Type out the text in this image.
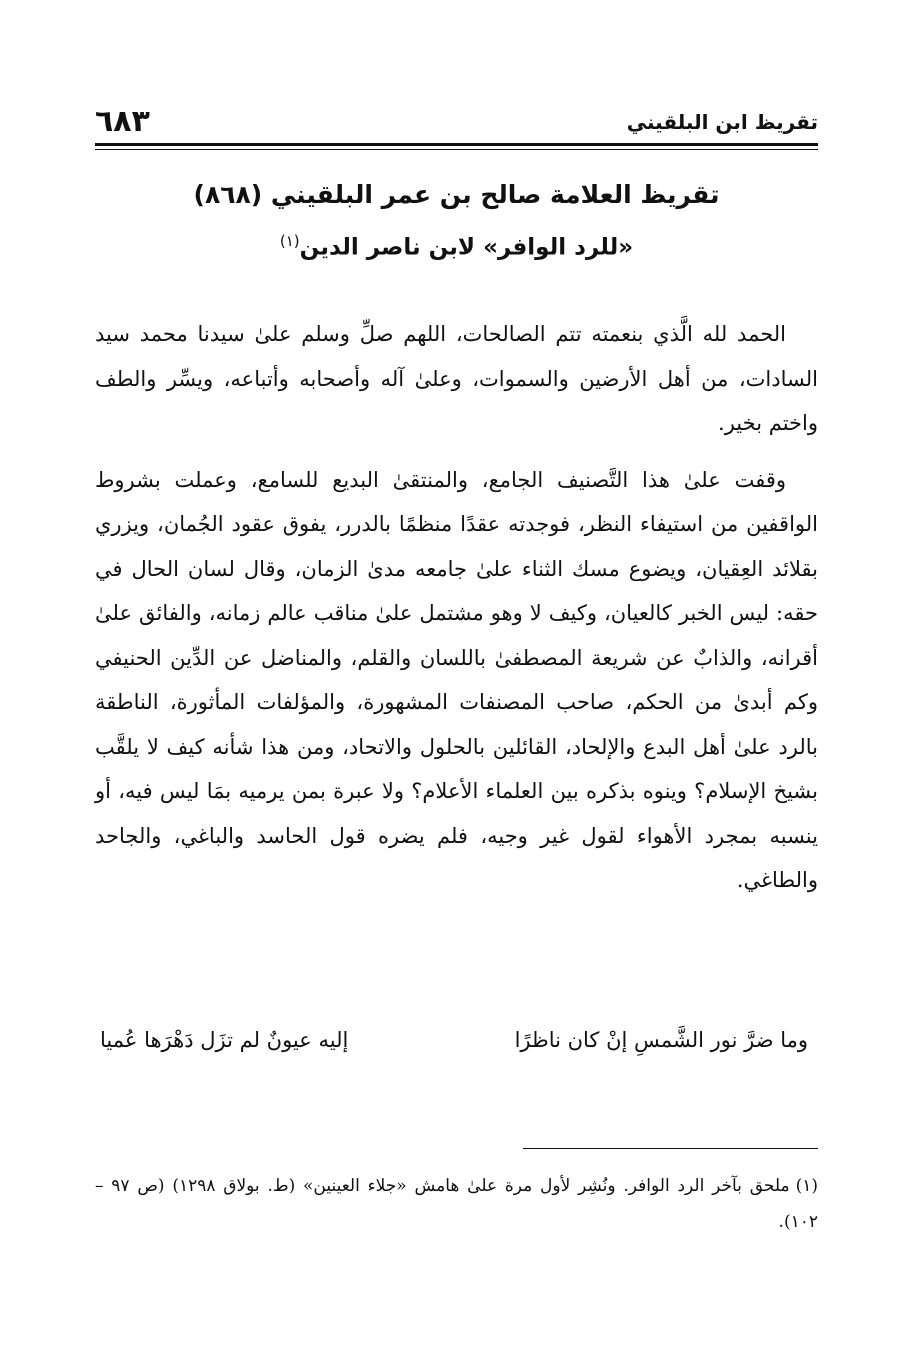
تقريظ ابن البلقيني
٦٨٣
تقريظ العلامة صالح بن عمر البلقيني (٨٦٨)
«للرد الوافر» لابن ناصر الدين$^{(١)}$

الحمد لله الَّذي بنعمته تتم الصالحات، اللهم صلِّ وسلم علىٰ سيدنا محمد سيد السادات، من أهل الأرضين والسموات، وعلىٰ آله وأصحابه وأتباعه، ويسِّر والطف واختم بخير.

وقفت علىٰ هذا التَّصنيف الجامع، والمنتقىٰ البديع للسامع، وعملت بشروط الواقفين من استيفاء النظر، فوجدته عقدًا منظمًا بالدرر، يفوق عقود الجُمان، ويزري بقلائد العِقيان، ويضوع مسك الثناء علىٰ جامعه مدىٰ الزمان، وقال لسان الحال في حقه: ليس الخبر كالعيان، وكيف لا وهو مشتمل علىٰ مناقب عالم زمانه، والفائق علىٰ أقرانه، والذابٌ عن شريعة المصطفىٰ باللسان والقلم، والمناضل عن الدِّين الحنيفي وكم أبدىٰ من الحكم، صاحب المصنفات المشهورة، والمؤلفات المأثورة، الناطقة بالرد علىٰ أهل البدع والإلحاد، القائلين بالحلول والاتحاد، ومن هذا شأنه كيف لا يلقَّب بشيخ الإسلام؟ وينوه بذكره بين العلماء الأعلام؟ ولا عبرة بمن يرميه بمَا ليس فيه، أو ينسبه بمجرد الأهواء لقول غير وجيه، فلم يضره قول الحاسد والباغي، والجاحد والطاغي.

وما ضرَّ نور الشَّمسِ إنْ كان ناظرًا
إليه عيونٌ لم تزَل دَهْرَها عُميا
(١)ملحق بآخر الرد الوافر. ونُشِر لأول مرة علىٰ هامش «جلاء العينين» (ط. بولاق ١٢٩٨) (ص ٩٧ – ١٠٢).
